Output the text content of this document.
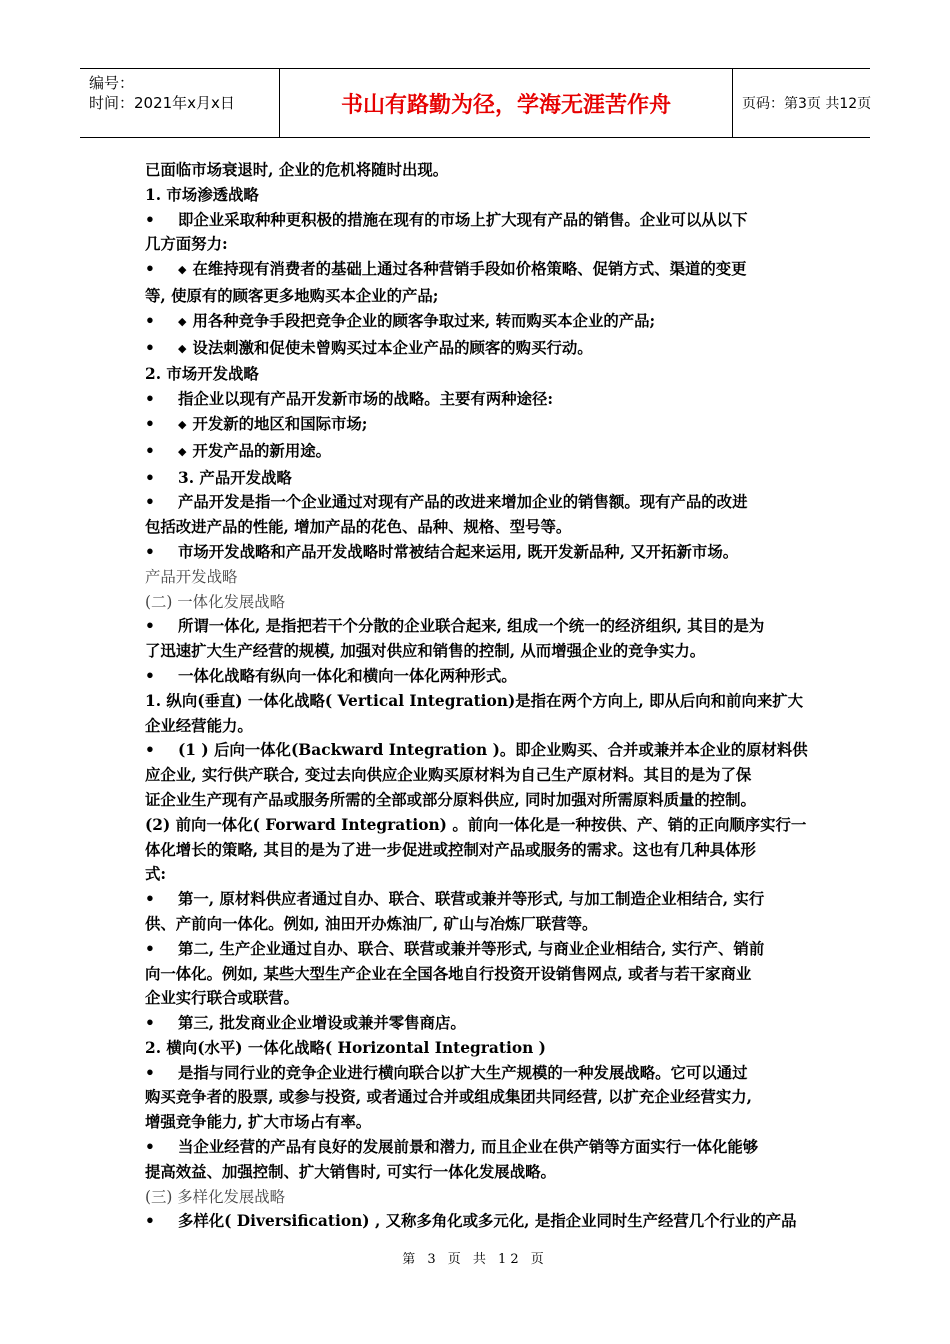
编号：
时间：2021年x月x日	书山有路勤为径，学海无涯苦作舟	页码：第3页 共12页
已面临市场衰退时, 企业的危机将随时出现。
1. 市场渗透战略
• 即企业采取种种更积极的措施在现有的市场上扩大现有产品的销售。企业可以从以下
几方面努力:
• ◆ 在维持现有消费者的基础上通过各种营销手段如价格策略、促销方式、渠道的变更
等, 使原有的顾客更多地购买本企业的产品;
• ◆ 用各种竞争手段把竞争企业的顾客争取过来, 转而购买本企业的产品;
• ◆ 设法刺激和促使未曾购买过本企业产品的顾客的购买行动。
2. 市场开发战略
• 指企业以现有产品开发新市场的战略。主要有两种途径:
• ◆ 开发新的地区和国际市场;
• ◆ 开发产品的新用途。
• 3. 产品开发战略
• 产品开发是指一个企业通过对现有产品的改进来增加企业的销售额。现有产品的改进
包括改进产品的性能, 增加产品的花色、品种、规格、型号等。
• 市场开发战略和产品开发战略时常被结合起来运用, 既开发新品种, 又开拓新市场。
产品开发战略
(二) 一体化发展战略
• 所谓一体化, 是指把若干个分散的企业联合起来, 组成一个统一的经济组织, 其目的是为
了迅速扩大生产经营的规模, 加强对供应和销售的控制, 从而增强企业的竞争实力。
• 一体化战略有纵向一体化和横向一体化两种形式。
1. 纵向(垂直) 一体化战略( Vertical Integration)是指在两个方向上, 即从后向和前向来扩大
企业经营能力。
• (1 ) 后向一体化(Backward Integration )。即企业购买、合并或兼并本企业的原材料供
应企业, 实行供产联合, 变过去向供应企业购买原材料为自己生产原材料。其目的是为了保
证企业生产现有产品或服务所需的全部或部分原料供应, 同时加强对所需原料质量的控制。
(2) 前向一体化( Forward Integration) 。前向一体化是一种按供、产、销的正向顺序实行一
体化增长的策略, 其目的是为了进一步促进或控制对产品或服务的需求。这也有几种具体形
式:
• 第一, 原材料供应者通过自办、联合、联营或兼并等形式, 与加工制造企业相结合, 实行
供、产前向一体化。例如, 油田开办炼油厂, 矿山与冶炼厂联营等。
• 第二, 生产企业通过自办、联合、联营或兼并等形式, 与商业企业相结合, 实行产、销前
向一体化。例如, 某些大型生产企业在全国各地自行投资开设销售网点, 或者与若干家商业
企业实行联合或联营。
• 第三, 批发商业企业增设或兼并零售商店。
2. 横向(水平) 一体化战略( Horizontal Integration )
• 是指与同行业的竞争企业进行横向联合以扩大生产规模的一种发展战略。它可以通过
购买竞争者的股票, 或参与投资, 或者通过合并或组成集团共同经营, 以扩充企业经营实力,
增强竞争能力, 扩大市场占有率。
• 当企业经营的产品有良好的发展前景和潜力, 而且企业在供产销等方面实行一体化能够
提高效益、加强控制、扩大销售时, 可实行一体化发展战略。
(三) 多样化发展战略
• 多样化( Diversification) , 又称多角化或多元化, 是指企业同时生产经营几个行业的产品
第 3 页 共 12 页
